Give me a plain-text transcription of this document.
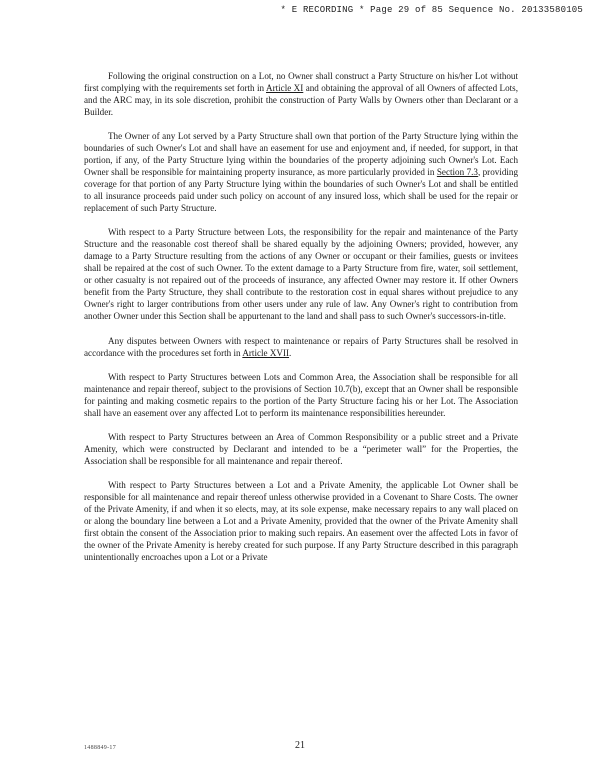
* E RECORDING * Page 29 of 85 Sequence No. 20133580105

Following the original construction on a Lot, no Owner shall construct a Party Structure on his/her Lot without first complying with the requirements set forth in Article XI and obtaining the approval of all Owners of affected Lots, and the ARC may, in its sole discretion, prohibit the construction of Party Walls by Owners other than Declarant or a Builder.

The Owner of any Lot served by a Party Structure shall own that portion of the Party Structure lying within the boundaries of such Owner's Lot and shall have an easement for use and enjoyment and, if needed, for support, in that portion, if any, of the Party Structure lying within the boundaries of the property adjoining such Owner's Lot. Each Owner shall be responsible for maintaining property insurance, as more particularly provided in Section 7.3, providing coverage for that portion of any Party Structure lying within the boundaries of such Owner's Lot and shall be entitled to all insurance proceeds paid under such policy on account of any insured loss, which shall be used for the repair or replacement of such Party Structure.

With respect to a Party Structure between Lots, the responsibility for the repair and maintenance of the Party Structure and the reasonable cost thereof shall be shared equally by the adjoining Owners; provided, however, any damage to a Party Structure resulting from the actions of any Owner or occupant or their families, guests or invitees shall be repaired at the cost of such Owner. To the extent damage to a Party Structure from fire, water, soil settlement, or other casualty is not repaired out of the proceeds of insurance, any affected Owner may restore it. If other Owners benefit from the Party Structure, they shall contribute to the restoration cost in equal shares without prejudice to any Owner's right to larger contributions from other users under any rule of law. Any Owner's right to contribution from another Owner under this Section shall be appurtenant to the land and shall pass to such Owner's successors-in-title.

Any disputes between Owners with respect to maintenance or repairs of Party Structures shall be resolved in accordance with the procedures set forth in Article XVII.

With respect to Party Structures between Lots and Common Area, the Association shall be responsible for all maintenance and repair thereof, subject to the provisions of Section 10.7(b), except that an Owner shall be responsible for painting and making cosmetic repairs to the portion of the Party Structure facing his or her Lot. The Association shall have an easement over any affected Lot to perform its maintenance responsibilities hereunder.

With respect to Party Structures between an Area of Common Responsibility or a public street and a Private Amenity, which were constructed by Declarant and intended to be a “perimeter wall” for the Properties, the Association shall be responsible for all maintenance and repair thereof.

With respect to Party Structures between a Lot and a Private Amenity, the applicable Lot Owner shall be responsible for all maintenance and repair thereof unless otherwise provided in a Covenant to Share Costs. The owner of the Private Amenity, if and when it so elects, may, at its sole expense, make necessary repairs to any wall placed on or along the boundary line between a Lot and a Private Amenity, provided that the owner of the Private Amenity shall first obtain the consent of the Association prior to making such repairs. An easement over the affected Lots in favor of the owner of the Private Amenity is hereby created for such purpose. If any Party Structure described in this paragraph unintentionally encroaches upon a Lot or a Private

1488849-17	21
